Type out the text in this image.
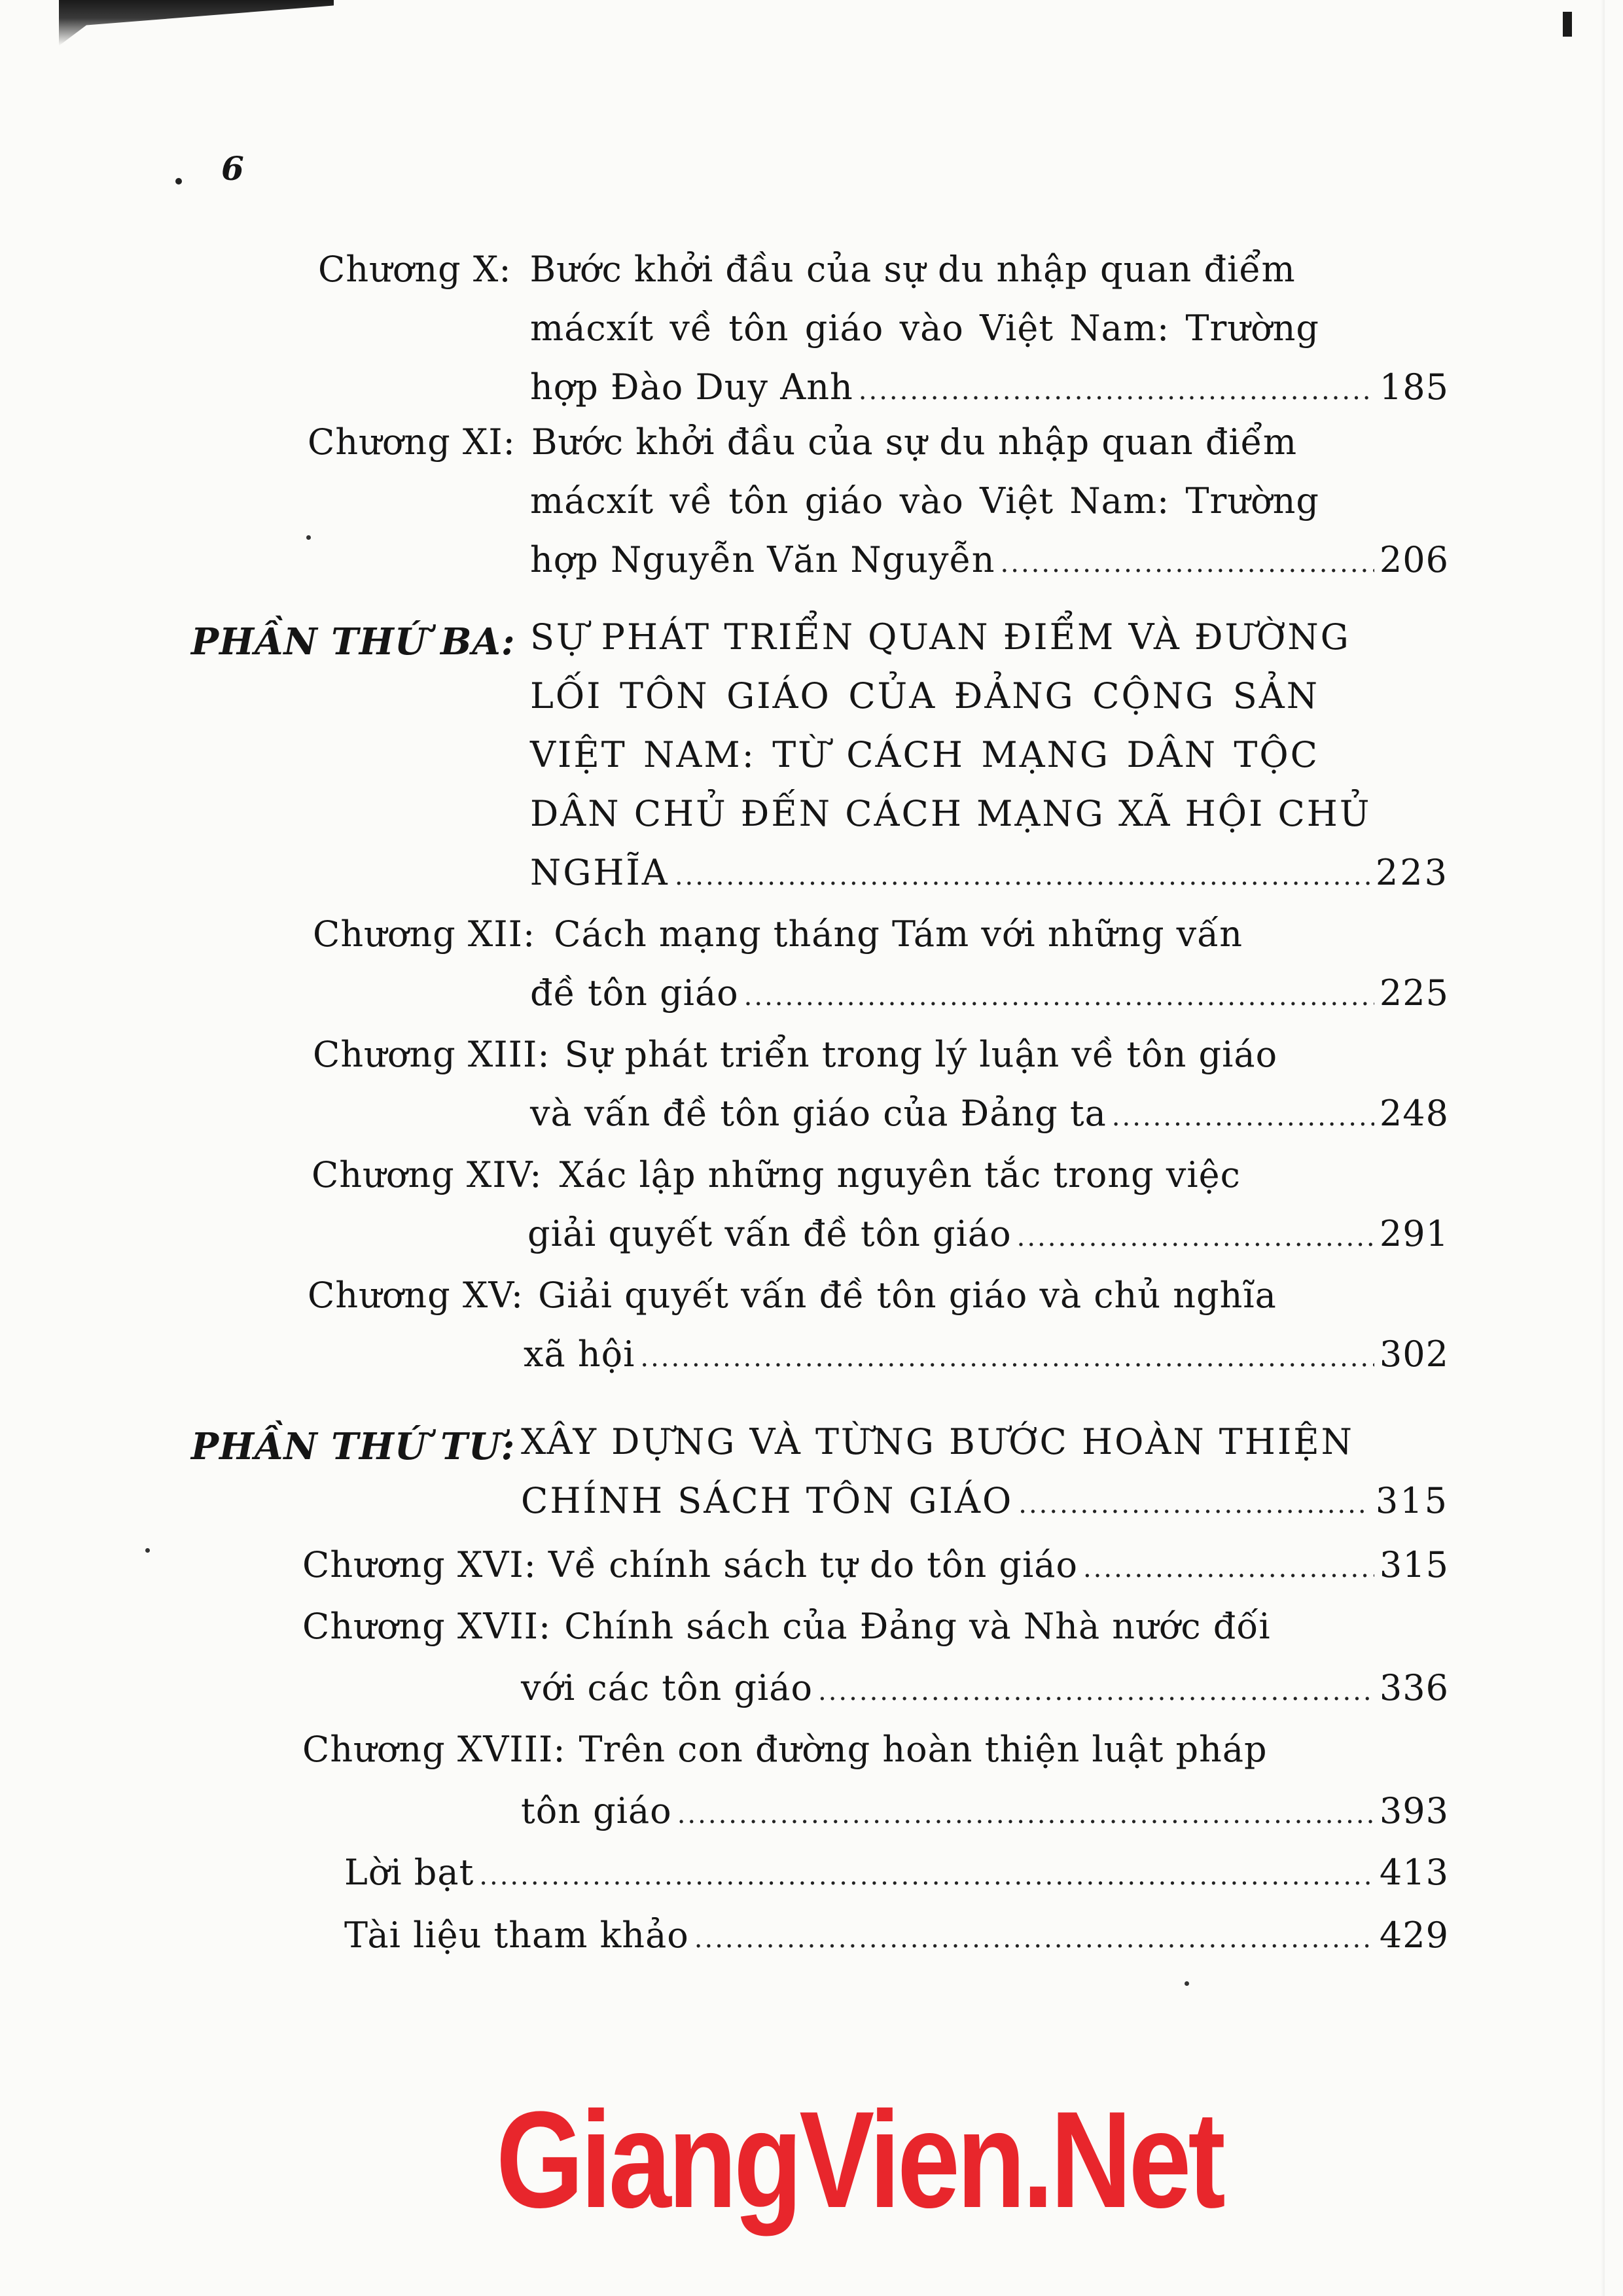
6
Chương X: Bước khởi đầu của sự du nhập quan điểm
mácxít về tôn giáo vào Việt Nam: Trường
hợp Đào Duy Anh .....	185
Chương XI: Bước khởi đầu của sự du nhập quan điểm
mácxít về tôn giáo vào Việt Nam: Trường
hợp Nguyễn Văn Nguyễn .....	206
PHẦN THỨ BA: SỰ PHÁT TRIỂN QUAN ĐIỂM VÀ ĐƯỜNG
LỐI TÔN GIÁO CỦA ĐẢNG CỘNG SẢN
VIỆT NAM: TỪ CÁCH MẠNG DÂN TỘC
DÂN CHỦ ĐẾN CÁCH MẠNG XÃ HỘI CHỦ
NGHĨA .....	223
Chương XII: Cách mạng tháng Tám với những vấn
đề tôn giáo .....	225
Chương XIII: Sự phát triển trong lý luận về tôn giáo
và vấn đề tôn giáo của Đảng ta .....	248
Chương XIV: Xác lập những nguyên tắc trong việc
giải quyết vấn đề tôn giáo .....	291
Chương XV: Giải quyết vấn đề tôn giáo và chủ nghĩa
xã hội .....	302
PHẦN THỨ TƯ: XÂY DỰNG VÀ TỪNG BƯỚC HOÀN THIỆN
CHÍNH SÁCH TÔN GIÁO .....	315
Chương XVI: Về chính sách tự do tôn giáo .....	315
Chương XVII: Chính sách của Đảng và Nhà nước đối
với các tôn giáo .....	336
Chương XVIII: Trên con đường hoàn thiện luật pháp
tôn giáo .....	393
Lời bạt .....	413
Tài liệu tham khảo .....	429
GiangVien.Net
